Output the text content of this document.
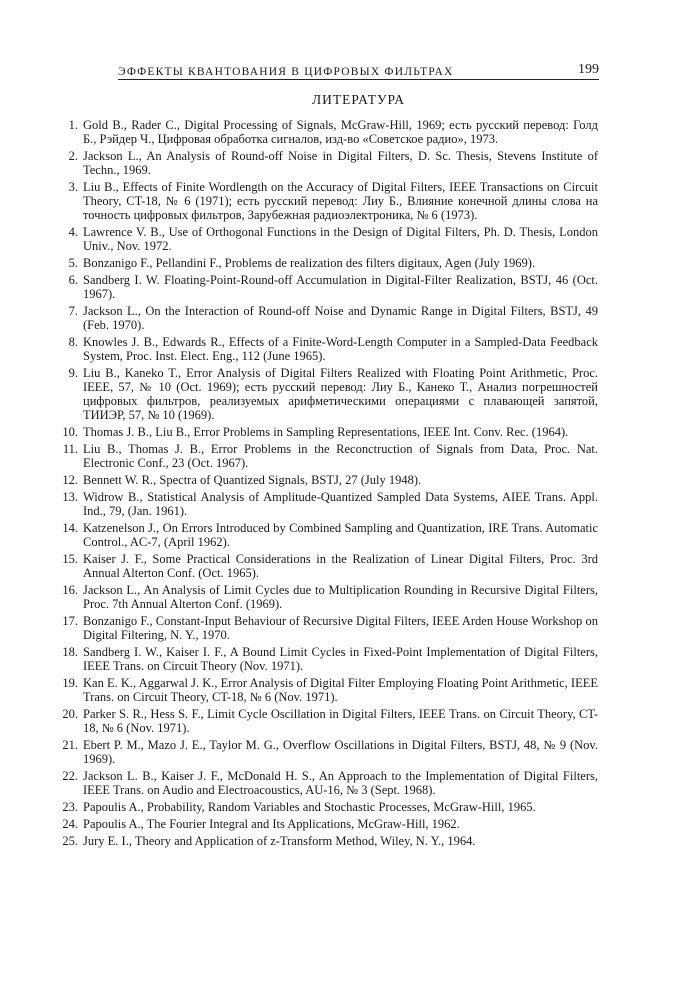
ЭФФЕКТЫ КВАНТОВАНИЯ В ЦИФРОВЫХ ФИЛЬТРАХ	199
ЛИТЕРАТУРА
1. Gold B., Rader C., Digital Processing of Signals, McGraw-Hill, 1969; есть русский перевод: Голд Б., Рэйдер Ч., Цифровая обработка сигналов, изд-во «Советское радио», 1973.
2. Jackson L., An Analysis of Round-off Noise in Digital Filters, D. Sc. Thesis, Stevens Institute of Techn., 1969.
3. Liu B., Effects of Finite Wordlength on the Accuracy of Digital Filters, IEEE Transactions on Circuit Theory, CT-18, № 6 (1971); есть русский перевод: Лиу Б., Влияние конечной длины слова на точность цифровых фильтров, Зарубежная радиоэлектроника, № 6 (1973).
4. Lawrence V. B., Use of Orthogonal Functions in the Design of Digital Filters, Ph. D. Thesis, London Univ., Nov. 1972.
5. Bonzanigo F., Pellandini F., Problems de realization des filters digitaux, Agen (July 1969).
6. Sandberg I. W. Floating-Point-Round-off Accumulation in Digital-Filter Realization, BSTJ, 46 (Oct. 1967).
7. Jackson L., On the Interaction of Round-off Noise and Dynamic Range in Digital Filters, BSTJ, 49 (Feb. 1970).
8. Knowles J. B., Edwards R., Effects of a Finite-Word-Length Computer in a Sampled-Data Feedback System, Proc. Inst. Elect. Eng., 112 (June 1965).
9. Liu B., Kaneko T., Error Analysis of Digital Filters Realized with Floating Point Arithmetic, Proc. IEEE, 57, № 10 (Oct. 1969); есть русский перевод: Лиу Б., Канеко Т., Анализ погрешностей цифровых фильтров, реализуемых арифметическими операциями с плавающей запятой, ТИИЭР, 57, № 10 (1969).
10. Thomas J. B., Liu B., Error Problems in Sampling Representations, IEEE Int. Conv. Rec. (1964).
11. Liu B., Thomas J. B., Error Problems in the Reconctruction of Signals from Data, Proc. Nat. Electronic Conf., 23 (Oct. 1967).
12. Bennett W. R., Spectra of Quantized Signals, BSTJ, 27 (July 1948).
13. Widrow B., Statistical Analysis of Amplitude-Quantized Sampled Data Systems, AIEE Trans. Appl. Ind., 79, (Jan. 1961).
14. Katzenelson J., On Errors Introduced by Combined Sampling and Quantization, IRE Trans. Automatic Control., AC-7, (April 1962).
15. Kaiser J. F., Some Practical Considerations in the Realization of Linear Digital Filters, Proc. 3rd Annual Alterton Conf. (Oct. 1965).
16. Jackson L., An Analysis of Limit Cycles due to Multiplication Rounding in Recursive Digital Filters, Proc. 7th Annual Alterton Conf. (1969).
17. Bonzanigo F., Constant-Input Behaviour of Recursive Digital Filters, IEEE Arden House Workshop on Digital Filtering, N. Y., 1970.
18. Sandberg I. W., Kaiser I. F., A Bound Limit Cycles in Fixed-Point Implementation of Digital Filters, IEEE Trans. on Circuit Theory (Nov. 1971).
19. Kan E. K., Aggarwal J. K., Error Analysis of Digital Filter Employing Floating Point Arithmetic, IEEE Trans. on Circuit Theory, CT-18, № 6 (Nov. 1971).
20. Parker S. R., Hess S. F., Limit Cycle Oscillation in Digital Filters, IEEE Trans. on Circuit Theory, CT-18, № 6 (Nov. 1971).
21. Ebert P. M., Mazo J. E., Taylor M. G., Overflow Oscillations in Digital Filters, BSTJ, 48, № 9 (Nov. 1969).
22. Jackson L. B., Kaiser J. F., McDonald H. S., An Approach to the Implementation of Digital Filters, IEEE Trans. on Audio and Electroacoustics, AU-16, № 3 (Sept. 1968).
23. Papoulis A., Probability, Random Variables and Stochastic Processes, McGraw-Hill, 1965.
24. Papoulis A., The Fourier Integral and Its Applications, McGraw-Hill, 1962.
25. Jury E. I., Theory and Application of z-Transform Method, Wiley, N. Y., 1964.
